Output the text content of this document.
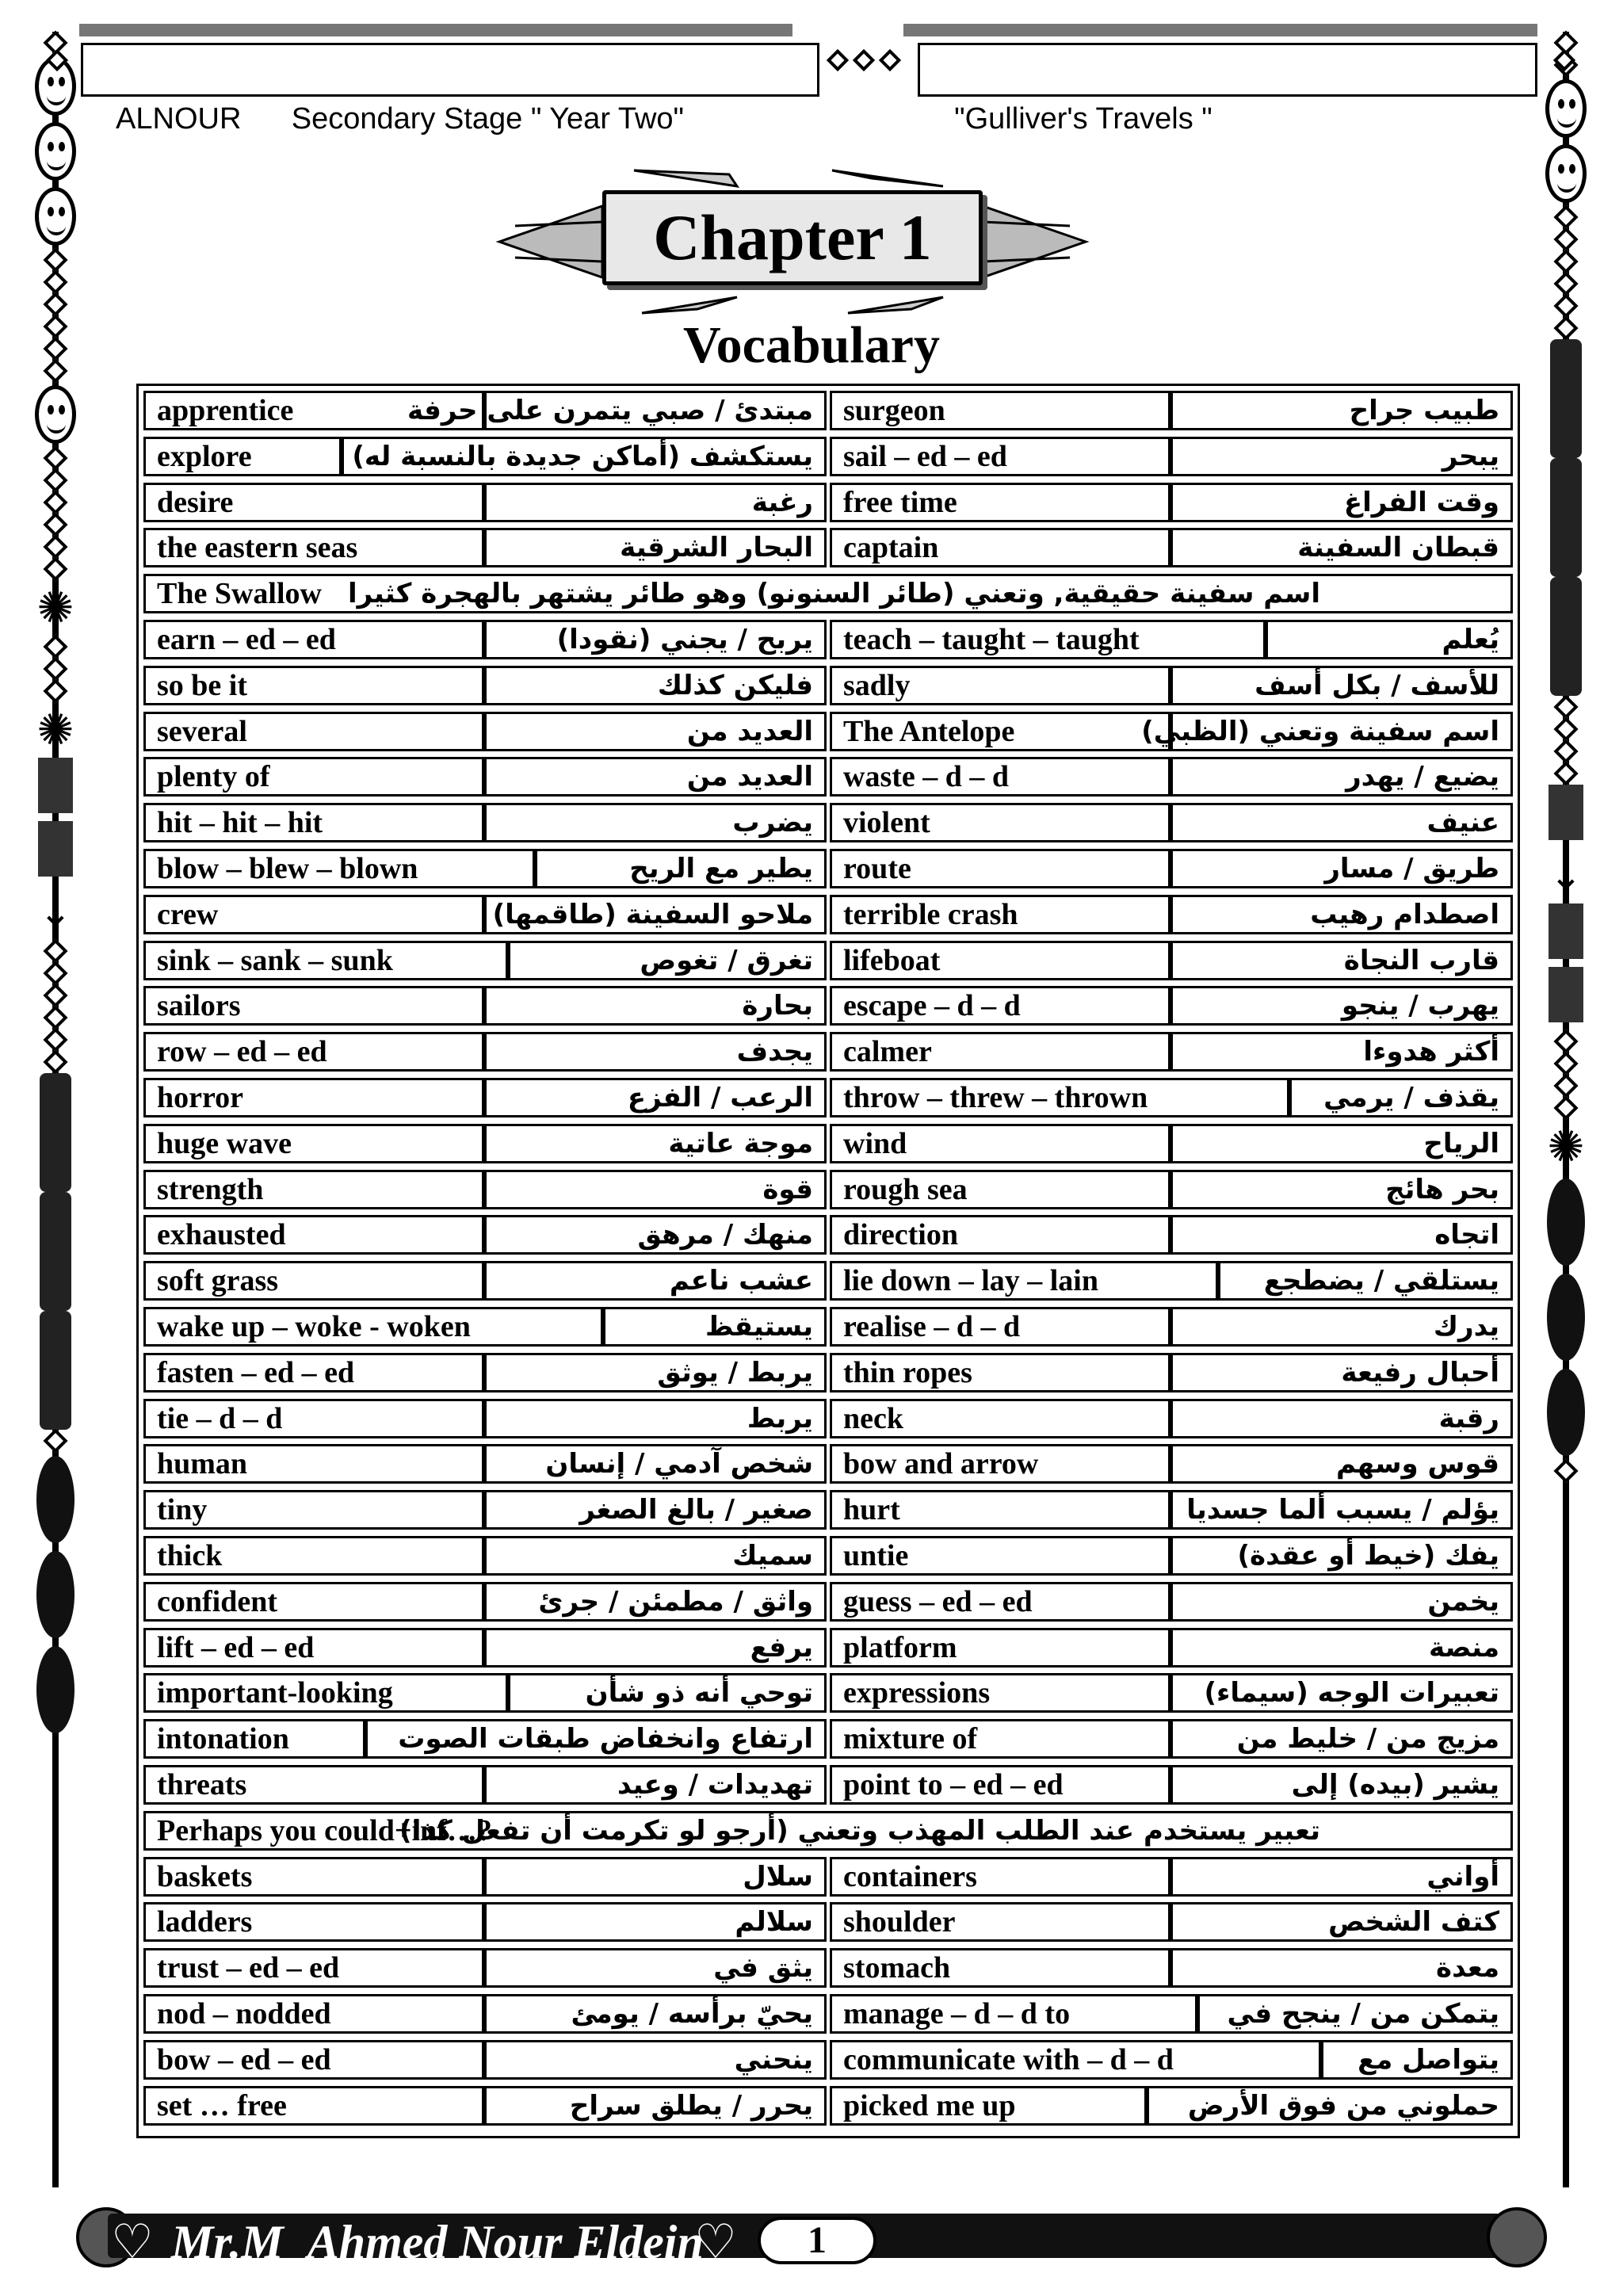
✺
✺
⌄
⌄
✺

ALNOUR      Secondary Stage " Year Two"	"Gulliver's Travels "

Chapter 1
Vocabulary
apprentice	مبتدئ / صبي يتمرن على حرفة	surgeon	طبيب جراح
explore	يستكشف (أماكن جديدة بالنسبة له)	sail – ed – ed	يبحر
desire	رغبة	free time	وقت الفراغ
the eastern seas	البحار الشرقية	captain	قبطان السفينة
The Swallow اسم سفينة حقيقية, وتعني (طائر السنونو) وهو طائر يشتهر بالهجرة كثيرا
earn – ed – ed	يربح / يجني (نقودا)	teach – taught – taught	يُعلم
so be it	فليكن كذلك	sadly	للأسف / بكل أسف
several	العديد من	The Antelope	اسم سفينة وتعني (الظبي)
plenty of	العديد من	waste – d – d	يضيع / يهدر
hit – hit – hit	يضرب	violent	عنيف
blow – blew – blown	يطير مع الريح	route	طريق / مسار
crew	ملاحو السفينة (طاقمها)	terrible crash	اصطدام رهيب
sink – sank – sunk	تغرق / تغوص	lifeboat	قارب النجاة
sailors	بحارة	escape – d – d	يهرب / ينجو
row – ed – ed	يجدف	calmer	أكثر هدوءا
horror	الرعب / الفزع	throw – threw – thrown	يقذف / يرمي
huge wave	موجة عاتية	wind	الرياح
strength	قوة	rough sea	بحر هائج
exhausted	منهك / مرهق	direction	اتجاه
soft grass	عشب ناعم	lie down – lay – lain	يستلقي / يضطجع
wake up – woke - woken	يستيقظ	realise – d – d	يدرك
fasten – ed – ed	يربط / يوثق	thin ropes	أحبال رفيعة
tie – d – d	يربط	neck	رقبة
human	شخص آدمي / إنسان	bow and arrow	قوس وسهم
tiny	صغير / بالغ الصغر	hurt	يؤلم / يسبب ألما جسديا
thick	سميك	untie	يفك (خيط أو عقدة)
confident	واثق / مطمئن / جرئ	guess – ed – ed	يخمن
lift – ed – ed	يرفع	platform	منصة
important-looking	توحي أنه ذو شأن	expressions	تعبيرات الوجه (سيماء)
intonation	ارتفاع وانخفاض طبقات الصوت	mixture of	مزيج من / خليط من
threats	تهديدات / وعيد	point to – ed – ed	يشير (بيده) إلى
Perhaps you could+inf…?
تعبير يستخدم عند الطلب المهذب وتعني (أرجو لو تكرمت أن تفعل كذا)
baskets	سلال	containers	أواني
ladders	سلالم	shoulder	كتف الشخص
trust – ed – ed	يثق في	stomach	معدة
nod – nodded	يحيّ برأسه / يومئ	manage – d – d to	يتمكن من / ينجح في
bow – ed – ed	ينحني	communicate with – d – d	يتواصل مع
set … free	يحرر / يطلق سراح	picked me up	حملوني من فوق الأرض
♡ Mr.M_Ahmed Nour Eldein
♡	1
